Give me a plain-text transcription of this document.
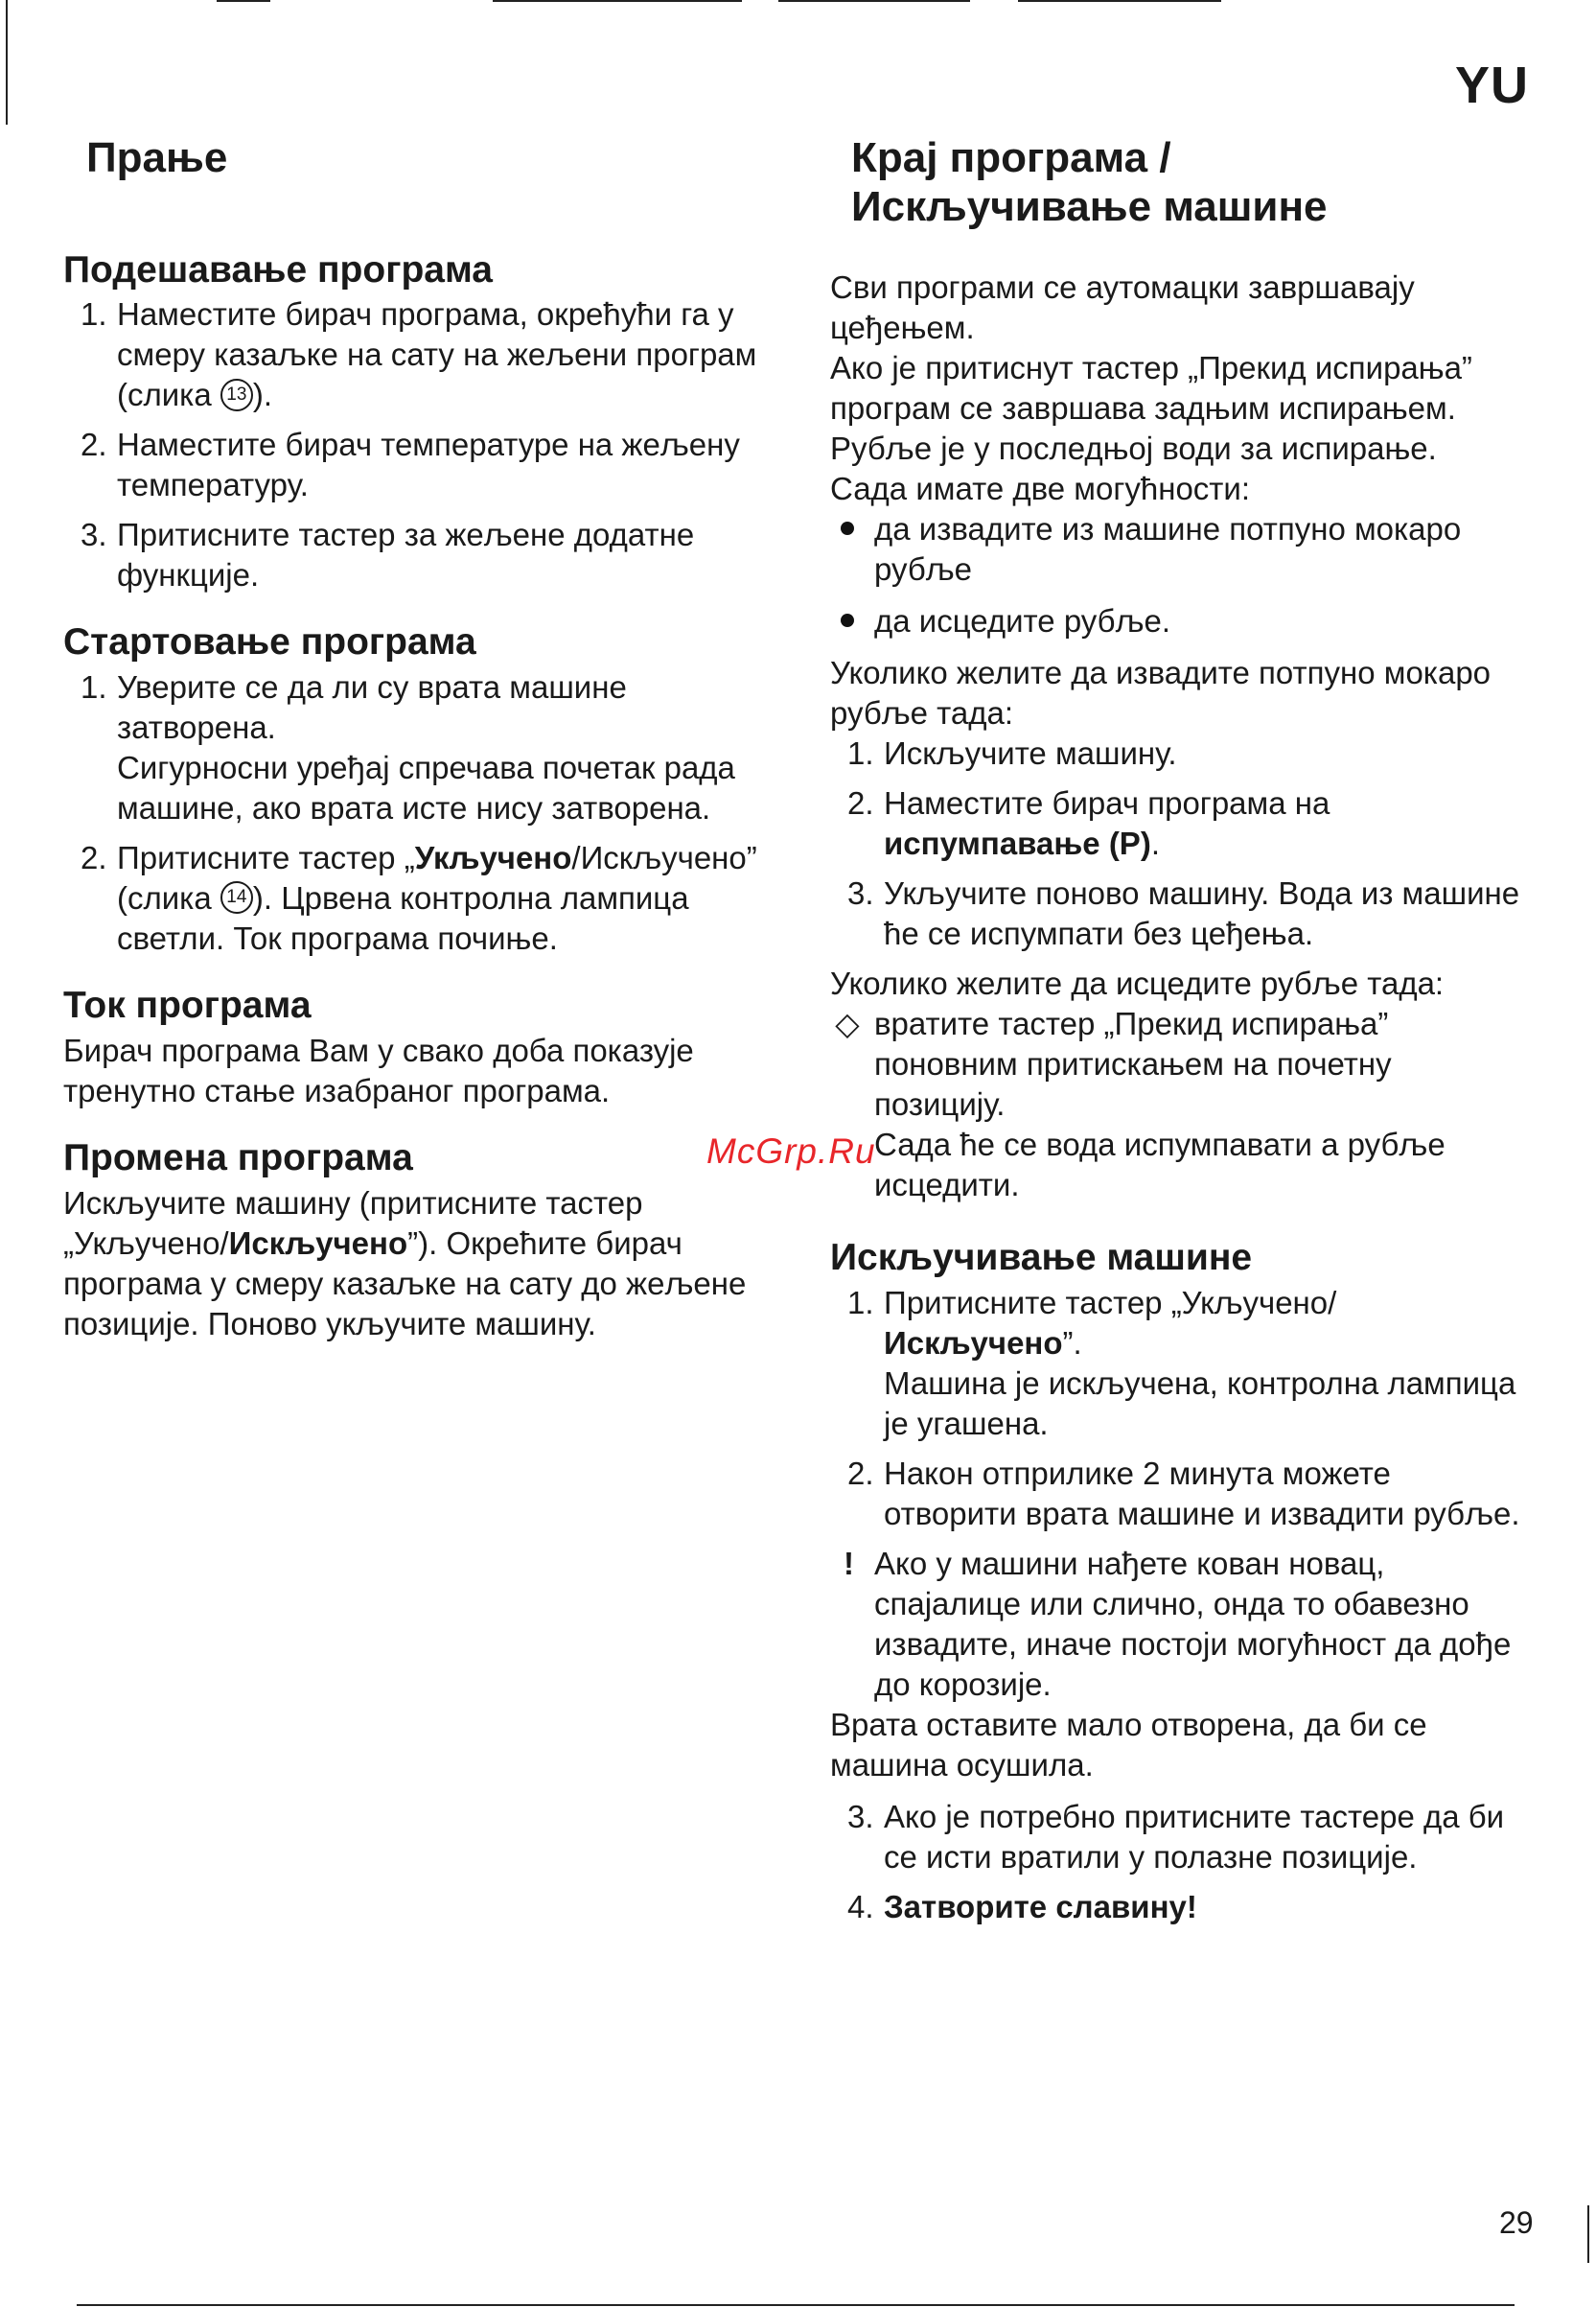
YU
Прање
Подешавање програма
1. Наместите бирач програма, окрећући га у смеру казаљке на сату на жељени програм (слика 13 ).
2. Наместите бирач температуре на жељену температуру.
3. Притисните тастер за жељене додатне функције.
Стартовање програма
1. Уверите се да ли су врата машине затворена.
Сигурносни уређај спречава почетак рада машине, ако врата исте нису затворена.
2. Притисните тастер „Укључено/Искључено” (слика 14 ). Црвена контролна лампица светли. Ток програма почиње.
Ток програма

Бирач програма Вам у свако доба показује тренутно стање изабраног програма.

Промена програма

Искључите машину (притисните тастер „Укључено/Искључено”). Окрећите бирач програма у смеру казаљке на сату до жељене позиције. Поново укључите машину.

Крај програма /
Искључивање машине

Сви програми се аутомацки завршавају цеђењем.

Ако је притиснут тастер „Прекид испирања” програм се завршава задњим испирањем. Рубље је у последњој води за испирање.

Сада имате две могућности:

да извадите из машине потпуно мокаро рубље
да исцедите рубље.

Уколико желите да извадите потпуно мокаро рубље тада:

1. Искључите машину.
2. Наместите бирач програма на испумпавање (P).
3. Укључите поново машину. Вода из машине ће се испумпати без цеђења.

Уколико желите да исцедите рубље тада:

◇ вратите тастер „Прекид испирања” поновним притискањем на почетну позицију.
Сада ће се вода испумпавати а рубље исцедити.
Искључивање машине
1. Притисните тастер „Укључено/Искључено”.
Машина је искључена, контролна лампица је угашена.
2. Након отприлике 2 минута можете отворити врата машине и извадити рубље.

! Ако у машини нађете кован новац, спајалице или слично, онда то обавезно извадите, иначе постоји могућност да дође до корозије.

Врата оставите мало отворена, да би се машина осушила.

3. Ако је потребно притисните тастере да би се исти вратили у полазне позиције.
4. Затворите славину!
McGrp.Ru
29
